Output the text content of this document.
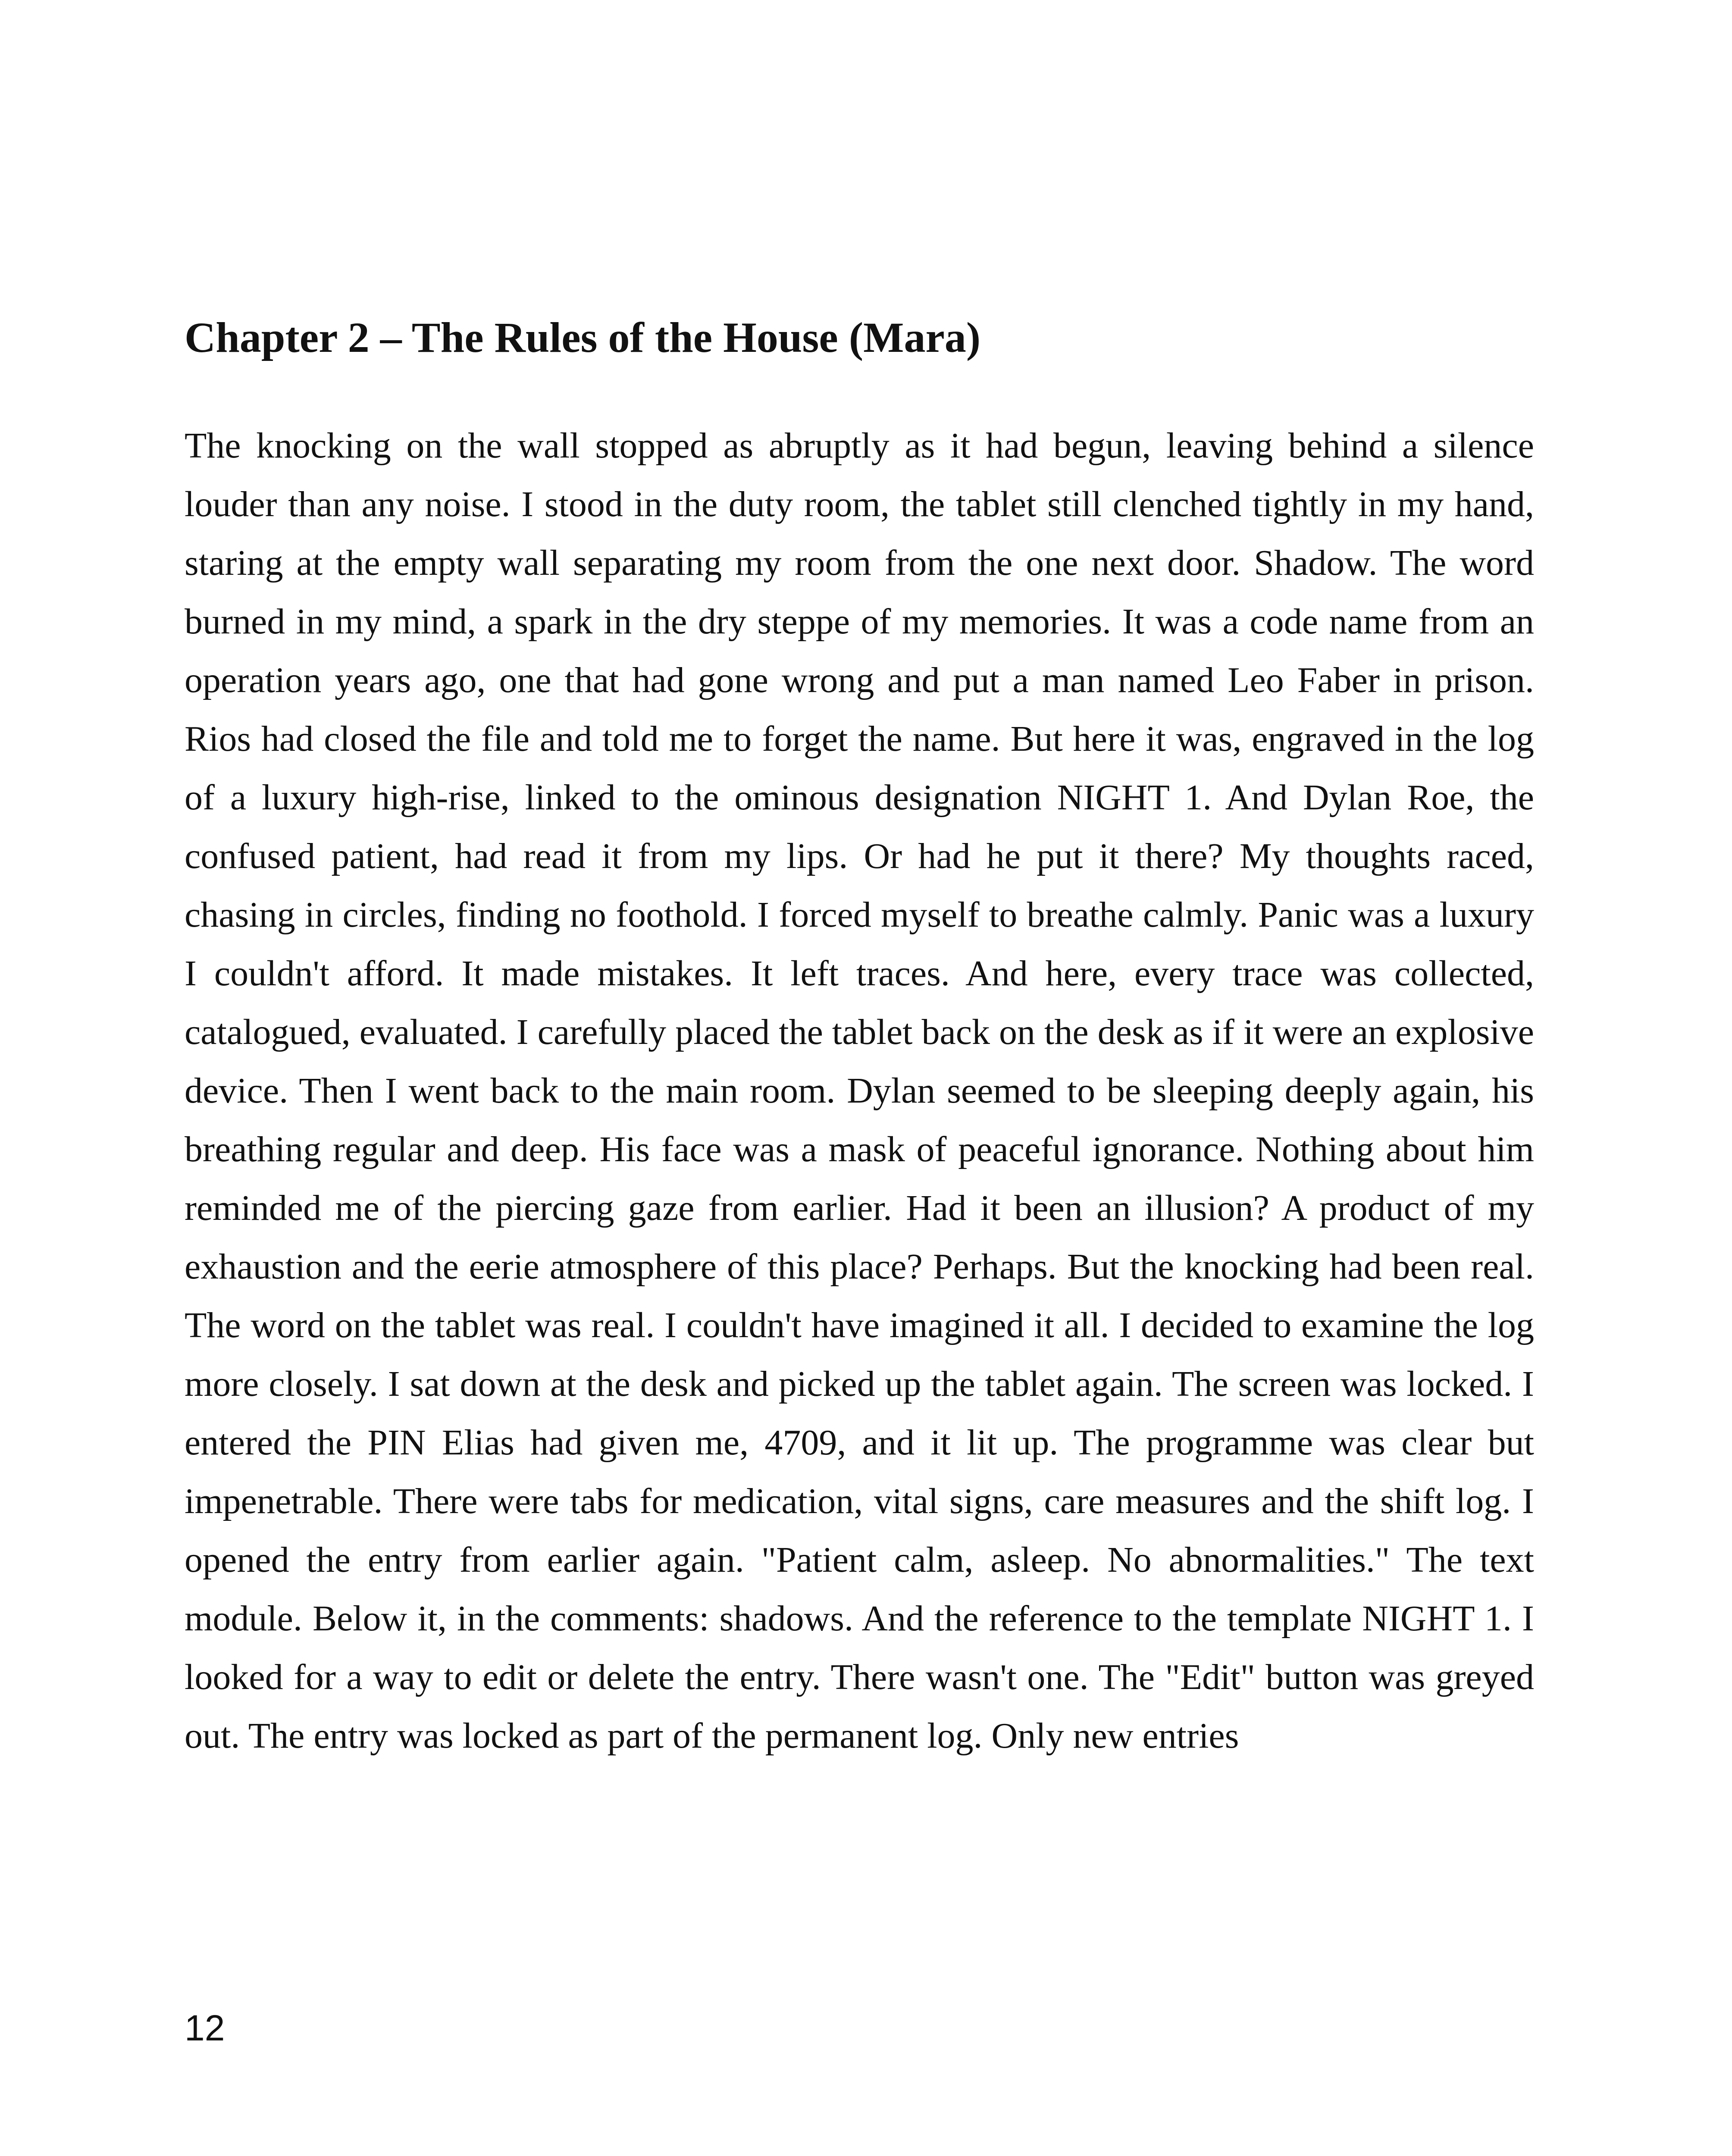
Chapter 2 – The Rules of the House (Mara)

The knocking on the wall stopped as abruptly as it had begun, leaving behind a silence louder than any noise. I stood in the duty room, the tablet still clenched tightly in my hand, staring at the empty wall separating my room from the one next door. Shadow. The word burned in my mind, a spark in the dry steppe of my memories. It was a code name from an operation years ago, one that had gone wrong and put a man named Leo Faber in prison. Rios had closed the file and told me to forget the name. But here it was, engraved in the log of a luxury high-rise, linked to the ominous designation NIGHT 1. And Dylan Roe, the confused patient, had read it from my lips. Or had he put it there? My thoughts raced, chasing in circles, finding no foothold. I forced myself to breathe calmly. Panic was a luxury I couldn't afford. It made mistakes. It left traces. And here, every trace was collected, catalogued, evaluated. I carefully placed the tablet back on the desk as if it were an explosive device. Then I went back to the main room. Dylan seemed to be sleeping deeply again, his breathing regular and deep. His face was a mask of peaceful ignorance. Nothing about him reminded me of the piercing gaze from earlier. Had it been an illusion? A product of my exhaustion and the eerie atmosphere of this place? Perhaps. But the knocking had been real. The word on the tablet was real. I couldn't have imagined it all. I decided to examine the log more closely. I sat down at the desk and picked up the tablet again. The screen was locked. I entered the PIN Elias had given me, 4709, and it lit up. The programme was clear but impenetrable. There were tabs for medication, vital signs, care measures and the shift log. I opened the entry from earlier again. "Patient calm, asleep. No abnormalities." The text module. Below it, in the comments: shadows. And the reference to the template NIGHT 1. I looked for a way to edit or delete the entry. There wasn't one. The "Edit" button was greyed out. The entry was locked as part of the permanent log. Only new entries

12
